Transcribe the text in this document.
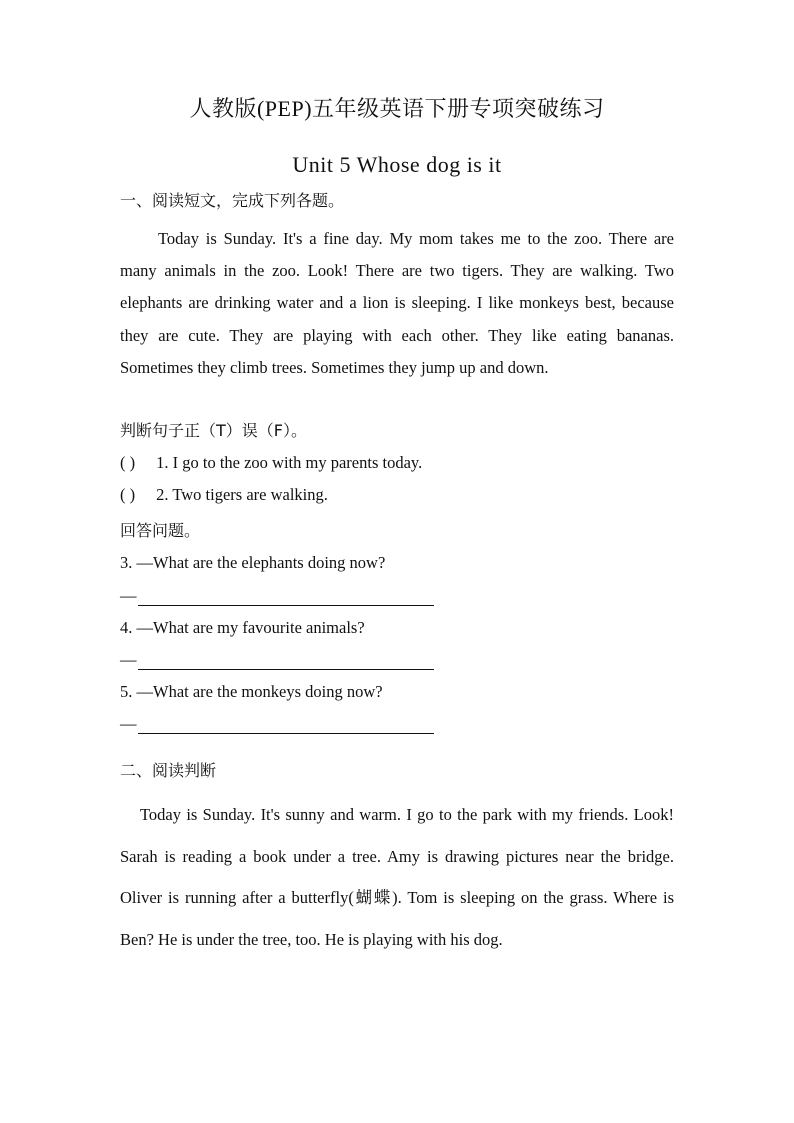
人教版(PEP)五年级英语下册专项突破练习
Unit 5 Whose dog is it
一、阅读短文，完成下列各题。
Today is Sunday. It's a fine day. My mom takes me to the zoo. There are many animals in the zoo. Look! There are two tigers. They are walking. Two elephants are drinking water and a lion is sleeping. I like monkeys best, because they are cute. They are playing with each other. They like eating bananas. Sometimes they climb trees. Sometimes they jump up and down.
判断句子正（T）误（F）。
( ) 1. I go to the zoo with my parents today.
( ) 2. Two tigers are walking.
回答问题。
3. —What are the elephants doing now?
—
4. —What are my favourite animals?
—
5. —What are the monkeys doing now?
—
二、阅读判断
Today is Sunday. It's sunny and warm. I go to the park with my friends. Look! Sarah is reading a book under a tree. Amy is drawing pictures near the bridge. Oliver is running after a butterfly(蝴蝶). Tom is sleeping on the grass. Where is Ben? He is under the tree, too. He is playing with his dog.
